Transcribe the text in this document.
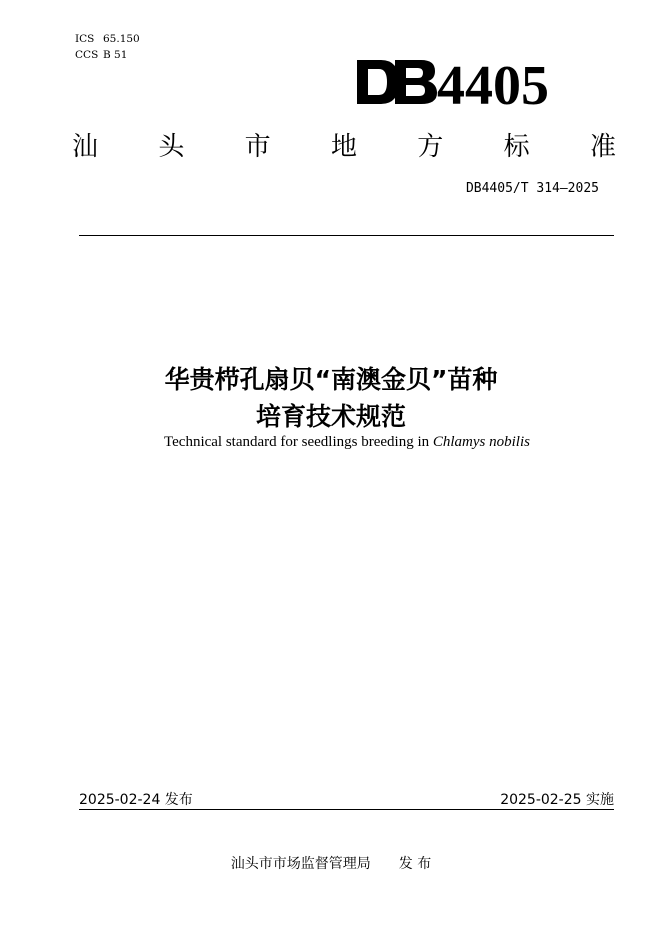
ICS 65.150
CCS B 51	4405
汕 头 市 地 方 标 准
DB4405/T 314—2025
华贵栉孔扇贝“南澳金贝”苗种
培育技术规范
Technical standard for seedlings breeding in Chlamys nobilis
2025-02-24 发布	2025-02-25 实施
汕头市市场监督管理局 发 布
